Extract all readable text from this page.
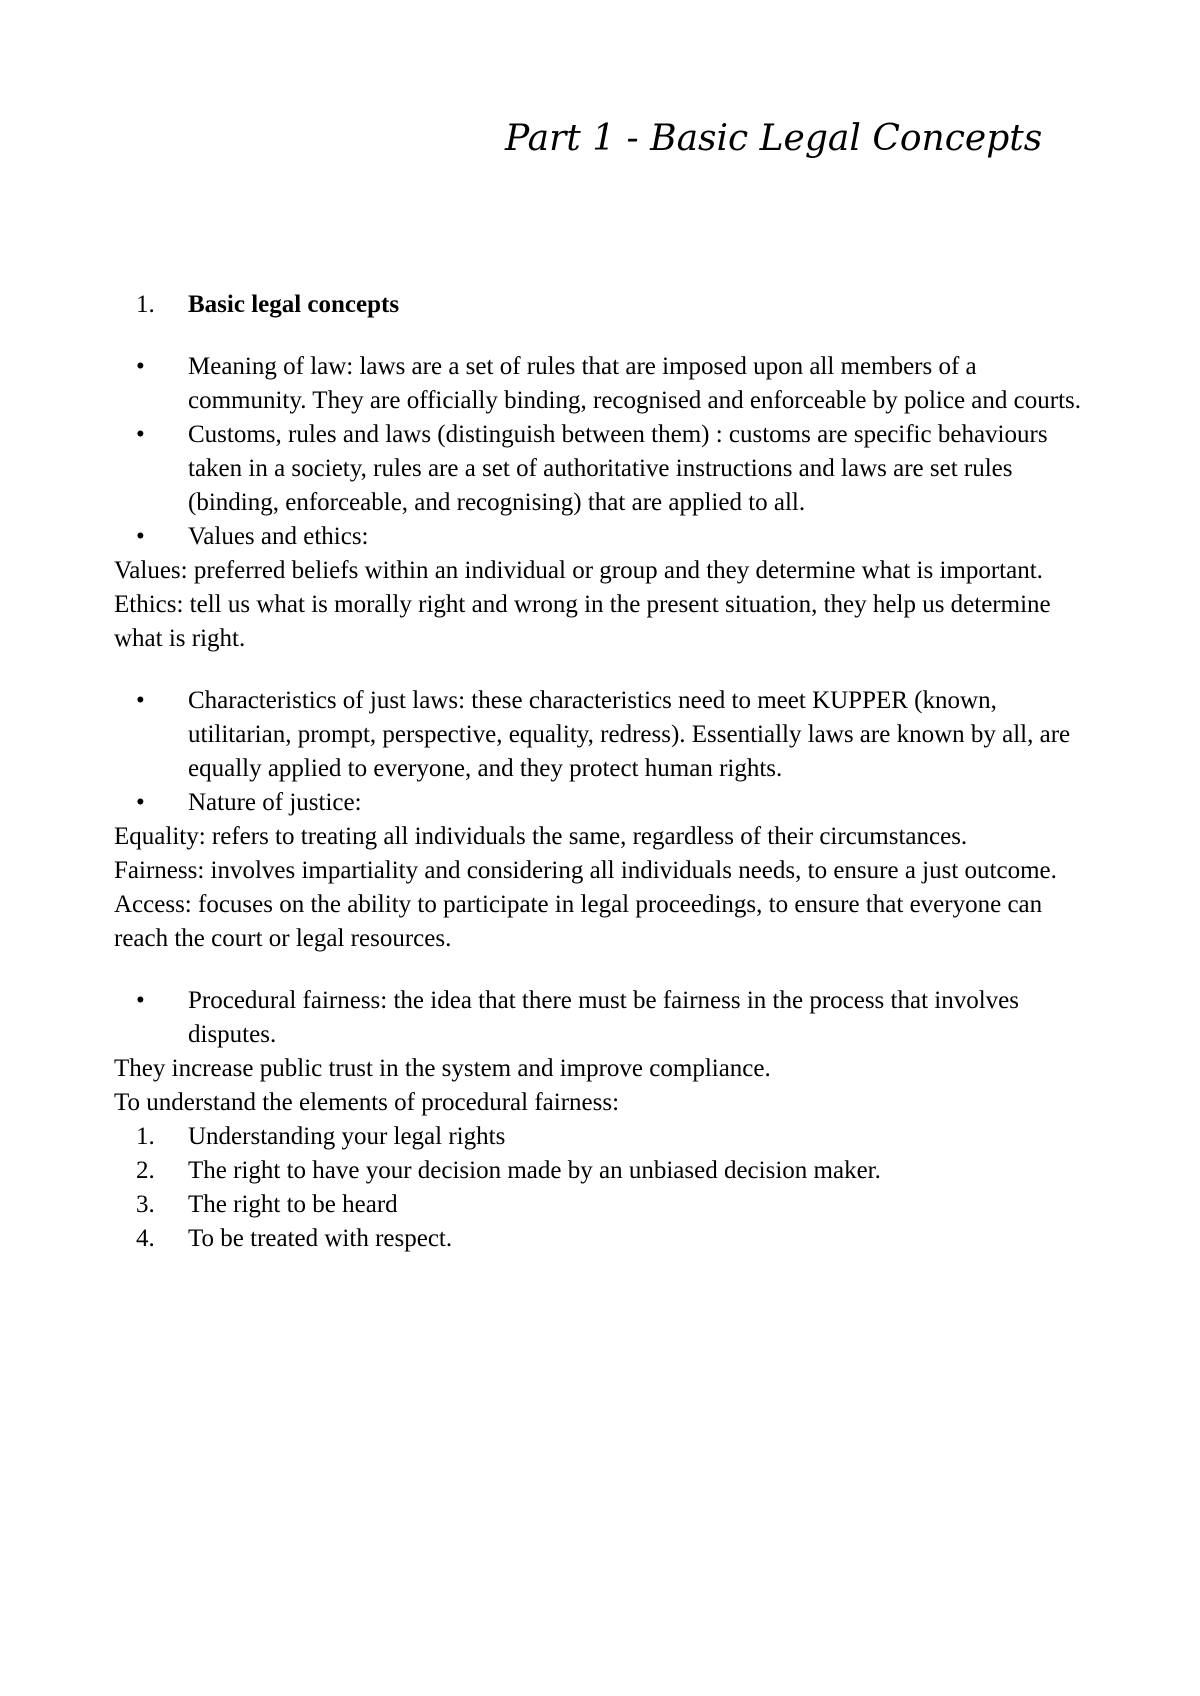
Part 1 - Basic Legal Concepts
1. Basic legal concepts
• Meaning of law: laws are a set of rules that are imposed upon all members of a community. They are officially binding, recognised and enforceable by police and courts.
• Customs, rules and laws (distinguish between them) : customs are specific behaviours taken in a society, rules are a set of authoritative instructions and laws are set rules (binding, enforceable, and recognising) that are applied to all.
• Values and ethics:

Values: preferred beliefs within an individual or group and they determine what is important.

Ethics: tell us what is morally right and wrong in the present situation, they help us determine what is right.

• Characteristics of just laws: these characteristics need to meet KUPPER (known, utilitarian, prompt, perspective, equality, redress). Essentially laws are known by all, are equally applied to everyone, and they protect human rights.
• Nature of justice:

Equality: refers to treating all individuals the same, regardless of their circumstances.

Fairness: involves impartiality and considering all individuals needs, to ensure a just outcome.

Access: focuses on the ability to participate in legal proceedings, to ensure that everyone can reach the court or legal resources.

• Procedural fairness: the idea that there must be fairness in the process that involves disputes.

They increase public trust in the system and improve compliance.

To understand the elements of procedural fairness:

1. Understanding your legal rights
2. The right to have your decision made by an unbiased decision maker.
3. The right to be heard
4. To be treated with respect.
